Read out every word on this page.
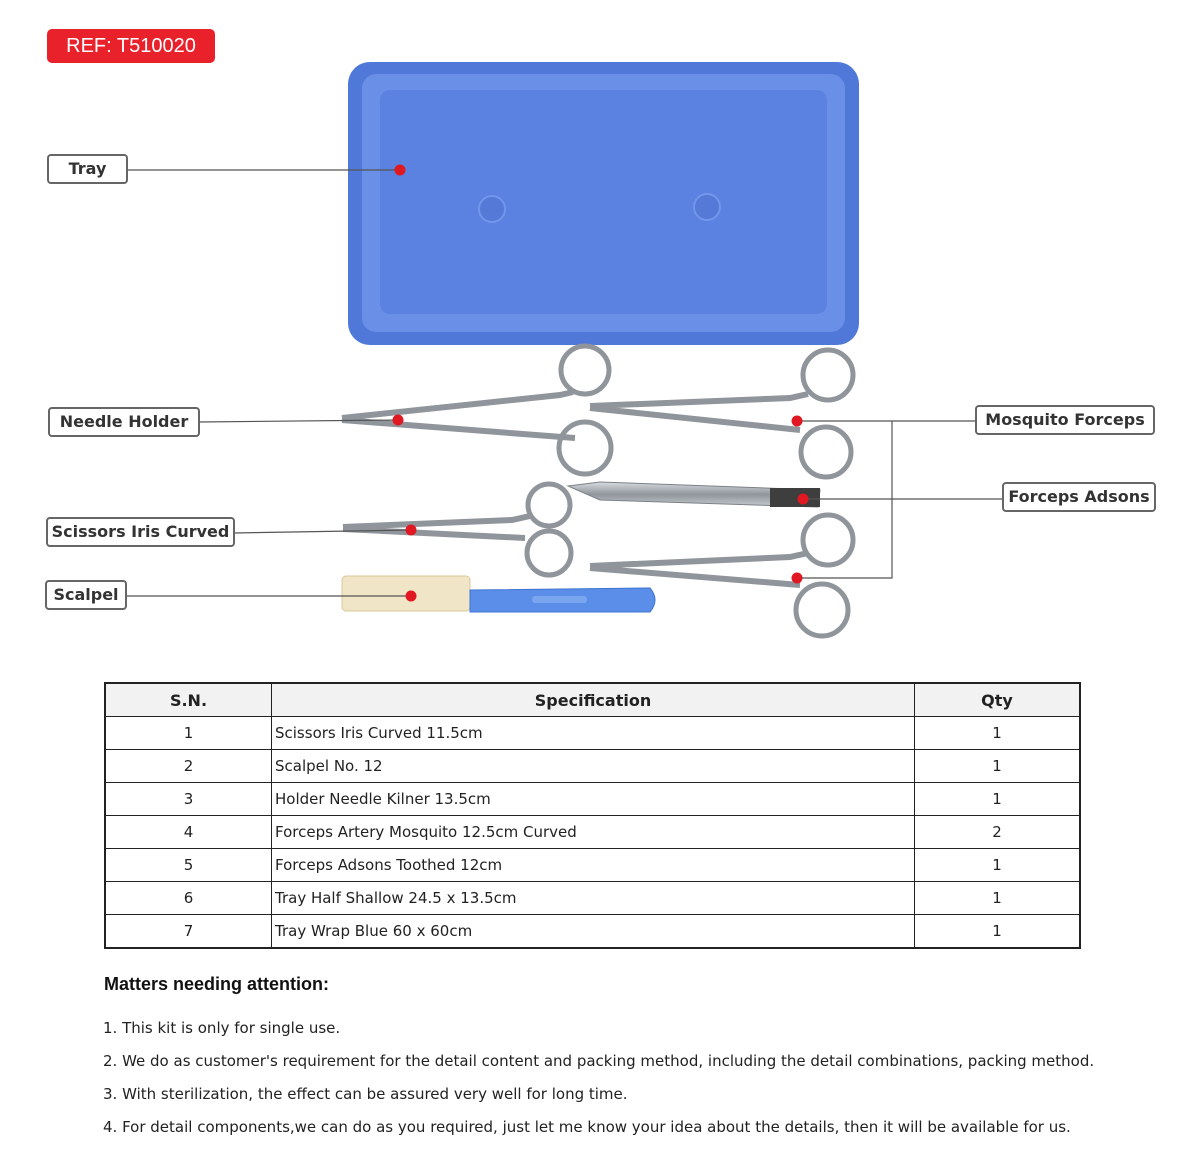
REF: T510020
Tray
Needle Holder
Scissors Iris Curved
Scalpel
Mosquito Forceps
Forceps Adsons
S.N.	Specification	Qty
1	Scissors Iris Curved 11.5cm	1
2	Scalpel No. 12	1
3	Holder Needle Kilner 13.5cm	1
4	Forceps Artery Mosquito 12.5cm Curved	2
5	Forceps Adsons Toothed 12cm	1
6	Tray Half Shallow 24.5 x 13.5cm	1
7	Tray Wrap Blue 60 x 60cm	1
Matters needing attention:
1. This kit is only for single use.
2. We do as customer's requirement for the detail content and packing method, including the detail combinations, packing method.
3. With sterilization, the effect can be assured very well for long time.
4. For detail components,we can do as you required, just let me know your idea about the details, then it will be available for us.
